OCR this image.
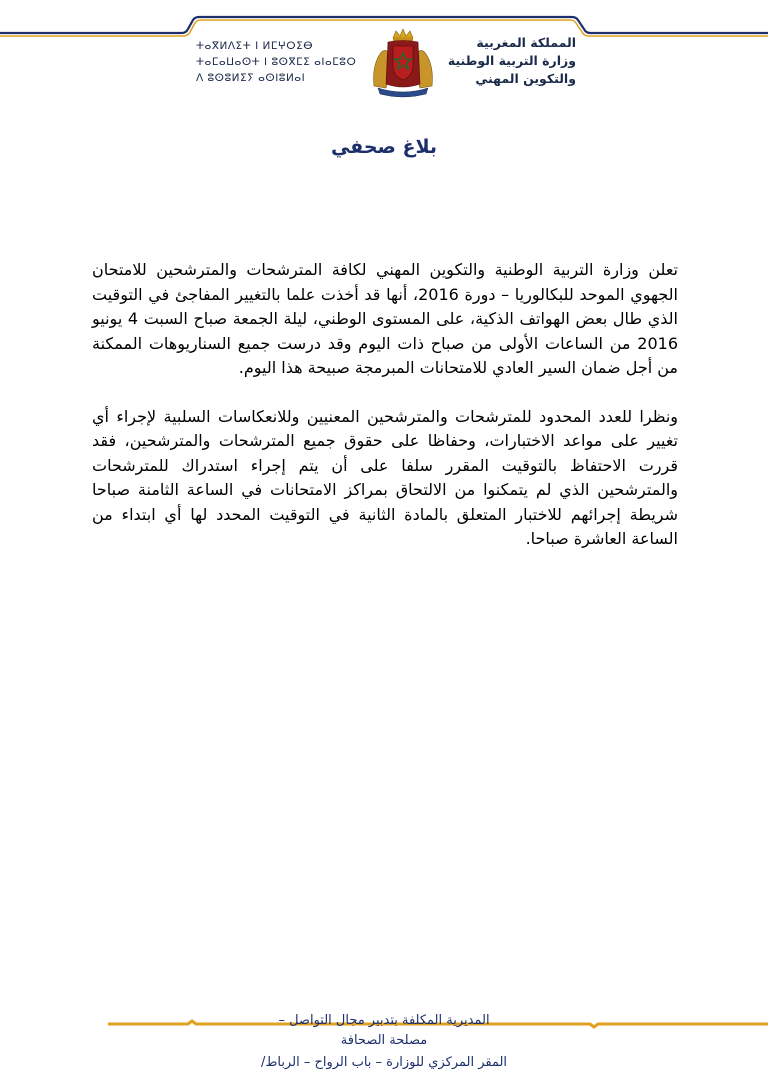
ⵜⴰⴳⵍⴷⵉⵜ ⵏ ⵍⵎⵖⵔⵉⴱ
ⵜⴰⵎⴰⵡⴰⵙⵜ ⵏ ⵓⵙⴳⵎⵉ ⴰⵏⴰⵎⵓⵔ
ⴷ ⵓⵙⵓⵍⵉⵢ ⴰⵙⵏⵓⵍⴰⵏ
المملكة المغربية
وزارة التربية الوطنية
والتكوين المهني
بلاغ صحفي

تعلن وزارة التربية الوطنية والتكوين المهني لكافة المترشحات والمترشحين للامتحان الجهوي الموحد للبكالوريا – دورة 2016، أنها قد أخذت علما بالتغيير المفاجئ في التوقيت الذي طال بعض الهواتف الذكية، على المستوى الوطني، ليلة الجمعة صباح السبت 4 يونيو 2016 من الساعات الأولى من صباح ذات اليوم وقد درست جميع السناريوهات الممكنة من أجل ضمان السير العادي للامتحانات المبرمجة صبيحة هذا اليوم.

ونظرا للعدد المحدود للمترشحات والمترشحين المعنيين وللانعكاسات السلبية لإجراء أي تغيير على مواعد الاختبارات، وحفاظا على حقوق جميع المترشحات والمترشحين، فقد قررت الاحتفاظ بالتوقيت المقرر سلفا على أن يتم إجراء استدراك للمترشحات والمترشحين الذي لم يتمكنوا من الالتحاق بمراكز الامتحانات في الساعة الثامنة صباحا شريطة إجرائهم للاختبار المتعلق بالمادة الثانية في التوقيت المحدد لها أي ابتداء من الساعة العاشرة صباحا.

المديرية المكلفة بتدبير مجال التواصل –
مصلحة الصحافة
المقر المركزي للوزارة – باب الرواح – الرباط/
